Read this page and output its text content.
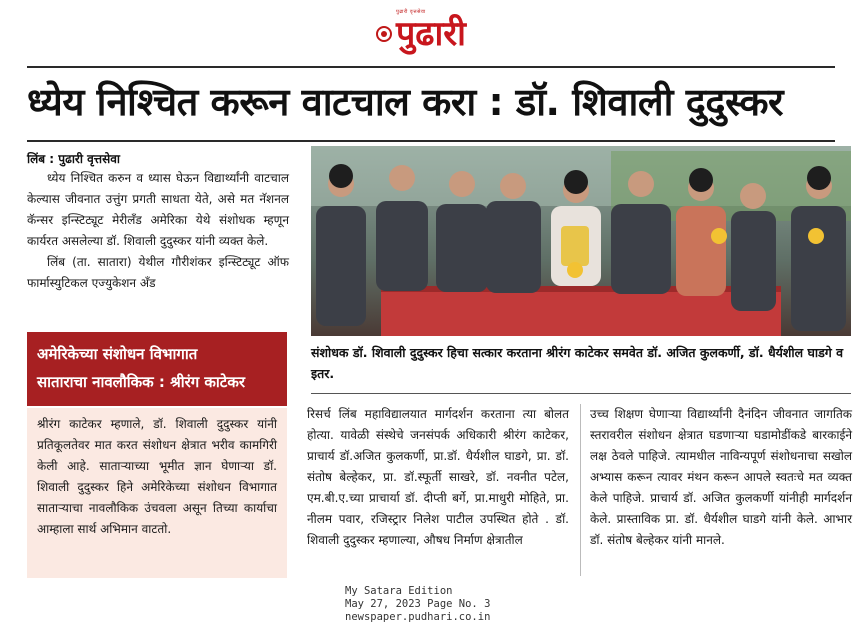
पुढारी वृत्तसेवा
पुढारी
ध्येय निश्चित करून वाटचाल करा : डॉ. शिवाली दुदुस्कर
लिंब : पुढारी वृत्तसेवा

ध्येय निश्चित करुन व ध्यास घेऊन विद्यार्थ्यांनी वाटचाल केल्यास जीवनात उत्तुंग प्रगती साधता येते, असे मत नॅशनल कॅन्सर इन्स्टिट्यूट मेरीलँड अमेरिका येथे संशोधक म्हणून कार्यरत असलेल्या डॉ. शिवाली दुदुस्कर यांनी व्यक्त केले.

लिंब (ता. सातारा) येथील गौरीशंकर इन्स्टिट्यूट ऑफ फार्मास्युटिकल एज्युकेशन अँड

अमेरिकेच्या संशोधन विभागात
साताराचा नावलौकिक : श्रीरंग काटेकर

श्रीरंग काटेकर म्हणाले, डॉ. शिवाली दुदुस्कर यांनी प्रतिकूलतेवर मात करत संशोधन क्षेत्रात भरीव कामगिरी केली आहे. साताऱ्याच्या भूमीत ज्ञान घेणाऱ्या डॉ. शिवाली दुदुस्कर हिने अमेरिकेच्या संशोधन विभागात साताऱ्याचा नावलौकिक उंचवला असून तिच्या कार्याचा आम्हाला सार्थ अभिमान वाटतो.

संशोधक डॉ. शिवाली दुदुस्कर हिचा सत्कार करताना श्रीरंग काटेकर समवेत डॉ. अजित कुलकर्णी, डॉ. धैर्यशील घाडगे व इतर.
रिसर्च लिंब महाविद्यालयात मार्गदर्शन करताना त्या बोलत होत्या. यावेळी संस्थेचे जनसंपर्क अधिकारी श्रीरंग काटेकर, प्राचार्य डॉ.अजित कुलकर्णी, प्रा.डॉ. धैर्यशील घाडगे, प्रा. डॉ. संतोष बेल्हेकर, प्रा. डॉ.स्फूर्ती साखरे, डॉ. नवनीत पटेल, एम.बी.ए.च्या प्राचार्या डॉ. दीप्ती बर्गे, प्रा.माधुरी मोहिते, प्रा. नीलम पवार, रजिस्ट्रार निलेश पाटील उपस्थित होते . डॉ. शिवाली दुदुस्कर म्हणाल्या, औषध निर्माण क्षेत्रातील
उच्च शिक्षण घेणाऱ्या विद्यार्थ्यांनी दैनंदिन जीवनात जागतिक स्तरावरील संशोधन क्षेत्रात घडणाऱ्या घडामोडींकडे बारकाईने लक्ष ठेवले पाहिजे. त्यामधील नाविन्यपूर्ण संशोधनाचा सखोल अभ्यास करून त्यावर मंथन करून आपले स्वतःचे मत व्यक्त केले पाहिजे. प्राचार्य डॉ. अजित कुलकर्णी यांनीही मार्गदर्शन केले. प्रास्ताविक प्रा. डॉ. धैर्यशील घाडगे यांनी केले. आभार डॉ. संतोष बेल्हेकर यांनी मानले.
My Satara Edition
May 27, 2023 Page No. 3
newspaper.pudhari.co.in
